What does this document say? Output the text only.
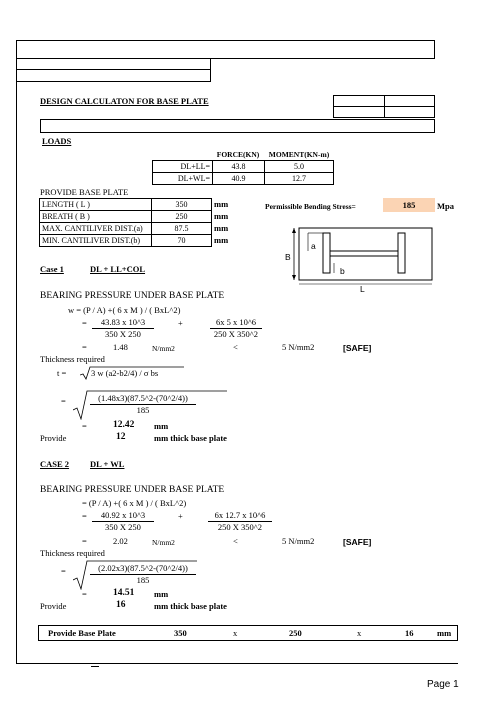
DESIGN CALCULATON FOR BASE PLATE
LOADS
FORCE(KN)	MOMENT(KN-m)
DL+LL=	43.8	5.0
DL+WL=	40.9	12.7
PROVIDE BASE PLATE
LENGTH ( L )	350	mm
BREATH ( B )	250	mm
MAX. CANTILIVER DIST.(a)	87.5	mm
MIN. CANTILIVER DIST.(b)	70	mm
Permissible Bending Stress=	185	Mpa
a
b
B
L
Case 1	DL + LL+COL
BEARING PRESSURE UNDER BASE PLATE
w = (P / A) +( 6 x M ) / ( BxL^2)
= $\frac{43.83 x 10\^{}3}{350 X 250}$	+	$\frac{6x 5 x 10\^{}6}{250 X 350\^{}2}$
=	1.48	N/mm2	<	5 N/mm2	[SAFE]
Thickness required
t =	3 w (a2-b2/4) / σ bs
=	$\frac{(1.48x3)(87.5\^{}2-(70\^{}2/4))}{185}$
=	12.42 mm
Provide	12	mm thick base plate
CASE 2 DL + WL
BEARING PRESSURE UNDER BASE PLATE
= (P / A) +( 6 x M ) / ( BxL^2)
= $\frac{40.92 x 10\^{}3}{350 X 250}$	+	$\frac{6x 12.7 x 10\^{}6}{250 X 350\^{}2}$
=	2.02	N/mm2	<	5 N/mm2	[SAFE]
Thickness required
=	$\frac{(2.02x3)(87.5\^{}2-(70\^{}2/4))}{185}$
=	14.51 mm
Provide	16	mm thick base plate
Provide Base Plate	350	x	250	x	16	mm
Page 1
